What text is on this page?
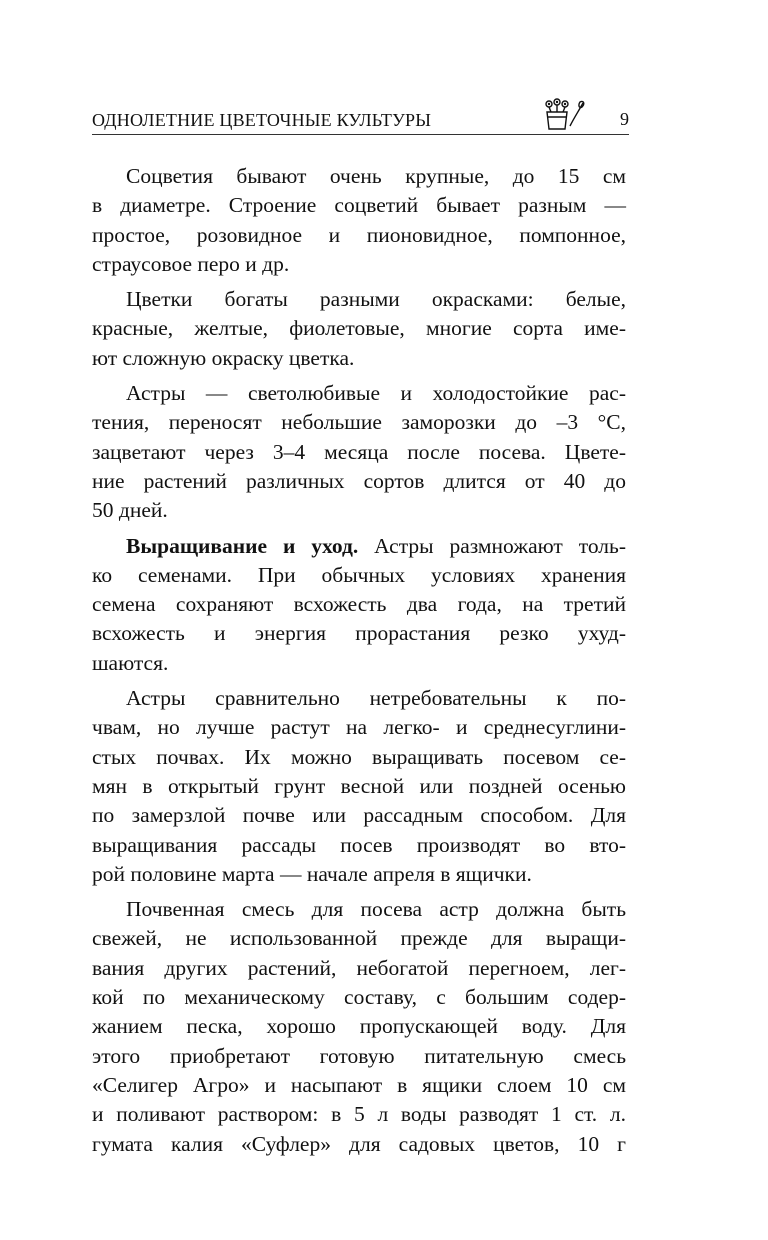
ОДНОЛЕТНИЕ ЦВЕТОЧНЫЕ КУЛЬТУРЫ	9
Соцветия бывают очень крупные, до 15 см
в диаметре. Строение соцветий бывает разным —
простое, розовидное и пионовидное, помпонное,
страусовое перо и др.
Цветки богаты разными окрасками: белые,
красные, желтые, фиолетовые, многие сорта име-
ют сложную окраску цветка.
Астры — светолюбивые и холодостойкие рас-
тения, переносят небольшие заморозки до –3 °С,
зацветают через 3–4 месяца после посева. Цвете-
ние растений различных сортов длится от 40 до
50 дней.
Выращивание и уход. Астры размножают толь-
ко семенами. При обычных условиях хранения
семена сохраняют всхожесть два года, на третий
всхожесть и энергия прорастания резко ухуд-
шаются.
Астры сравнительно нетребовательны к по-
чвам, но лучше растут на легко- и среднесуглини-
стых почвах. Их можно выращивать посевом се-
мян в открытый грунт весной или поздней осенью
по замерзлой почве или рассадным способом. Для
выращивания рассады посев производят во вто-
рой половине марта — начале апреля в ящички.
Почвенная смесь для посева астр должна быть
свежей, не использованной прежде для выращи-
вания других растений, небогатой перегноем, лег-
кой по механическому составу, с большим содер-
жанием песка, хорошо пропускающей воду. Для
этого приобретают готовую питательную смесь
«Селигер Агро» и насыпают в ящики слоем 10 см
и поливают раствором: в 5 л воды разводят 1 ст. л.
гумата калия «Суфлер» для садовых цветов, 10 г
